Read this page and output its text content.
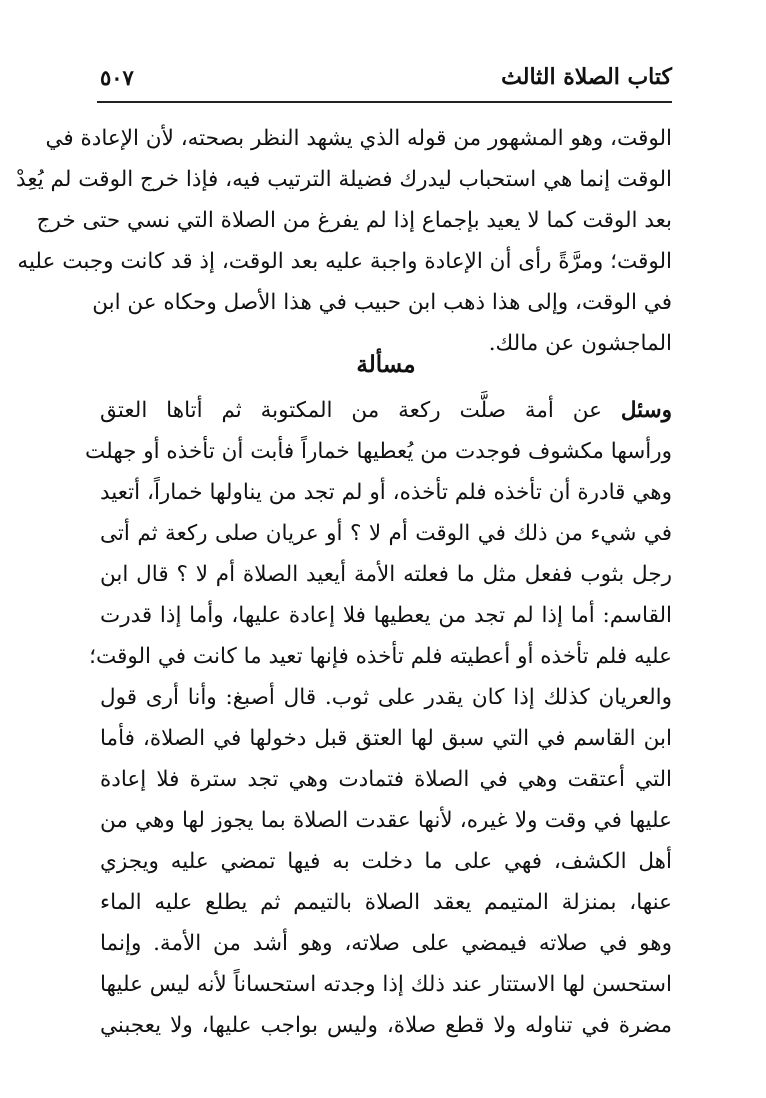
كتاب الصلاة الثالث
٥٠٧
الوقت، وهو المشهور من قوله الذي يشهد النظر بصحته، لأن الإعادة في
الوقت إنما هي استحباب ليدرك فضيلة الترتيب فيه، فإذا خرج الوقت لم يُعِدْ
بعد الوقت كما لا يعيد بإجماع إذا لم يفرغ من الصلاة التي نسي حتى خرج
الوقت؛ ومرَّةً رأى أن الإعادة واجبة عليه بعد الوقت، إذ قد كانت وجبت عليه
في الوقت، وإلى هذا ذهب ابن حبيب في هذا الأصل وحكاه عن ابن
الماجشون عن مالك.
مسألة
وسئل عن أمة صلَّت ركعة من المكتوبة ثم أتاها العتق
ورأسها مكشوف فوجدت من يُعطيها خماراً فأبت أن تأخذه أو جهلت
وهي قادرة أن تأخذه فلم تأخذه، أو لم تجد من يناولها خماراً، أتعيد
في شيء من ذلك في الوقت أم لا ؟ أو عريان صلى ركعة ثم أتى
رجل بثوب ففعل مثل ما فعلته الأمة أيعيد الصلاة أم لا ؟ قال ابن
القاسم: أما إذا لم تجد من يعطيها فلا إعادة عليها، وأما إذا قدرت
عليه فلم تأخذه أو أعطيته فلم تأخذه فإنها تعيد ما كانت في الوقت؛
والعريان كذلك إذا كان يقدر على ثوب. قال أصبغ: وأنا أرى قول
ابن القاسم في التي سبق لها العتق قبل دخولها في الصلاة، فأما
التي أعتقت وهي في الصلاة فتمادت وهي تجد سترة فلا إعادة
عليها في وقت ولا غيره، لأنها عقدت الصلاة بما يجوز لها وهي من
أهل الكشف، فهي على ما دخلت به فيها تمضي عليه ويجزي
عنها، بمنزلة المتيمم يعقد الصلاة بالتيمم ثم يطلع عليه الماء
وهو في صلاته فيمضي على صلاته، وهو أشد من الأمة. وإنما
استحسن لها الاستتار عند ذلك إذا وجدته استحساناً لأنه ليس عليها
مضرة في تناوله ولا قطع صلاة، وليس بواجب عليها، ولا يعجبني
